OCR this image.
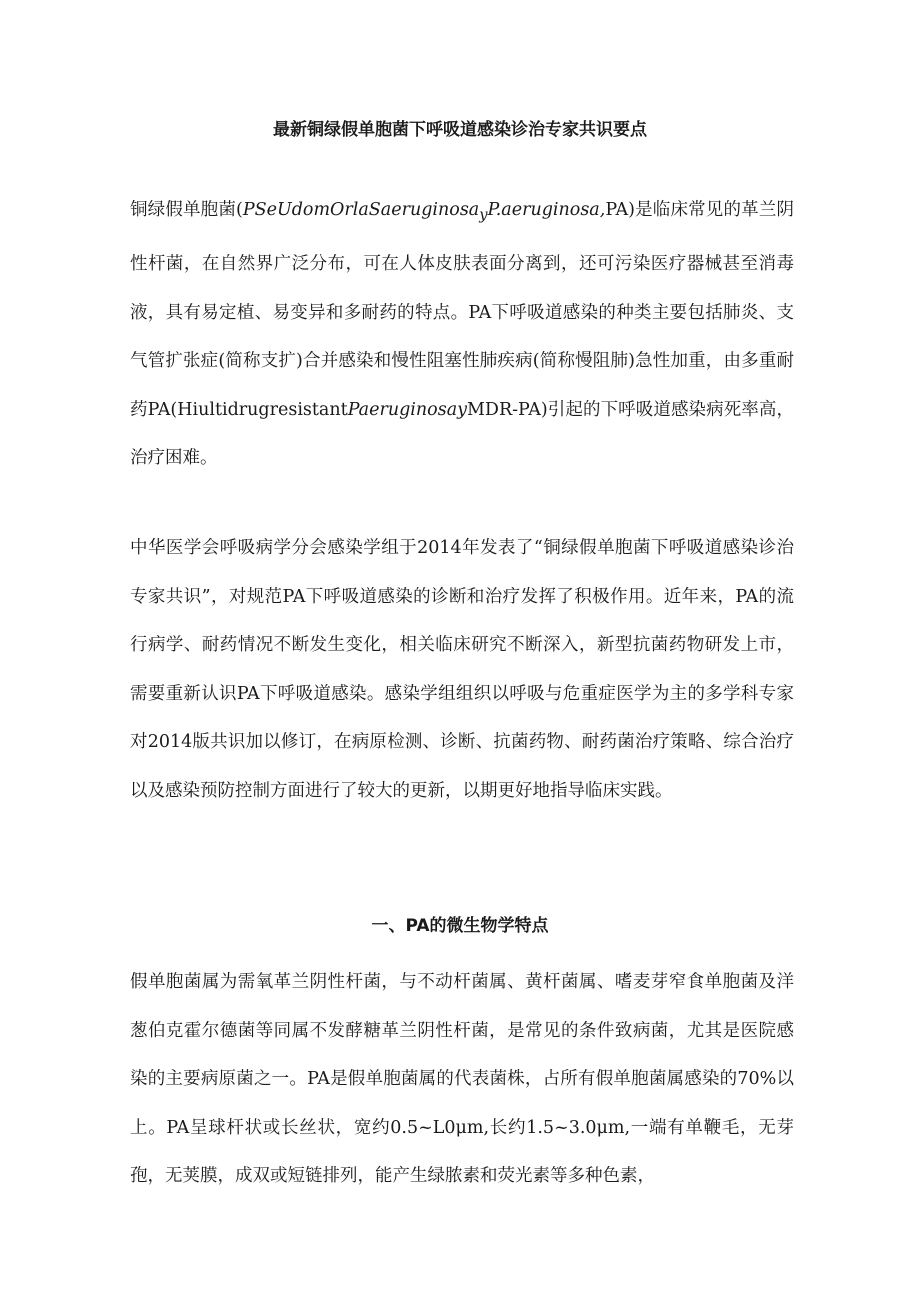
最新铜绿假单胞菌下呼吸道感染诊治专家共识要点

铜绿假单胞菌(PSeUdomOrlaSaeruginosa$_y$P.aeruginosa,PA)是临床常见的革兰阴性杆菌，在自然界广泛分布，可在人体皮肤表面分离到，还可污染医疗器械甚至消毒液，具有易定植、易变异和多耐药的特点。PA下呼吸道感染的种类主要包括肺炎、支气管扩张症(简称支扩)合并感染和慢性阻塞性肺疾病(简称慢阻肺)急性加重，由多重耐药PA(HiultidrugresistantPaeruginosayMDR-PA)引起的下呼吸道感染病死率高，治疗困难。

中华医学会呼吸病学分会感染学组于2014年发表了“铜绿假单胞菌下呼吸道感染诊治专家共识”，对规范PA下呼吸道感染的诊断和治疗发挥了积极作用。近年来，PA的流行病学、耐药情况不断发生变化，相关临床研究不断深入，新型抗菌药物研发上市，需要重新认识PA下呼吸道感染。感染学组组织以呼吸与危重症医学为主的多学科专家对2014版共识加以修订，在病原检测、诊断、抗菌药物、耐药菌治疗策略、综合治疗以及感染预防控制方面进行了较大的更新，以期更好地指导临床实践。

一、PA的微生物学特点

假单胞菌属为需氧革兰阴性杆菌，与不动杆菌属、黄杆菌属、嗜麦芽窄食单胞菌及洋葱伯克霍尔德菌等同属不发酵糖革兰阴性杆菌，是常见的条件致病菌，尤其是医院感染的主要病原菌之一。PA是假单胞菌属的代表菌株，占所有假单胞菌属感染的70%以上。PA呈球杆状或长丝状，宽约0.5~L0μm,长约1.5~3.0μm,一端有单鞭毛，无芽孢，无荚膜，成双或短链排列，能产生绿脓素和荧光素等多种色素，
